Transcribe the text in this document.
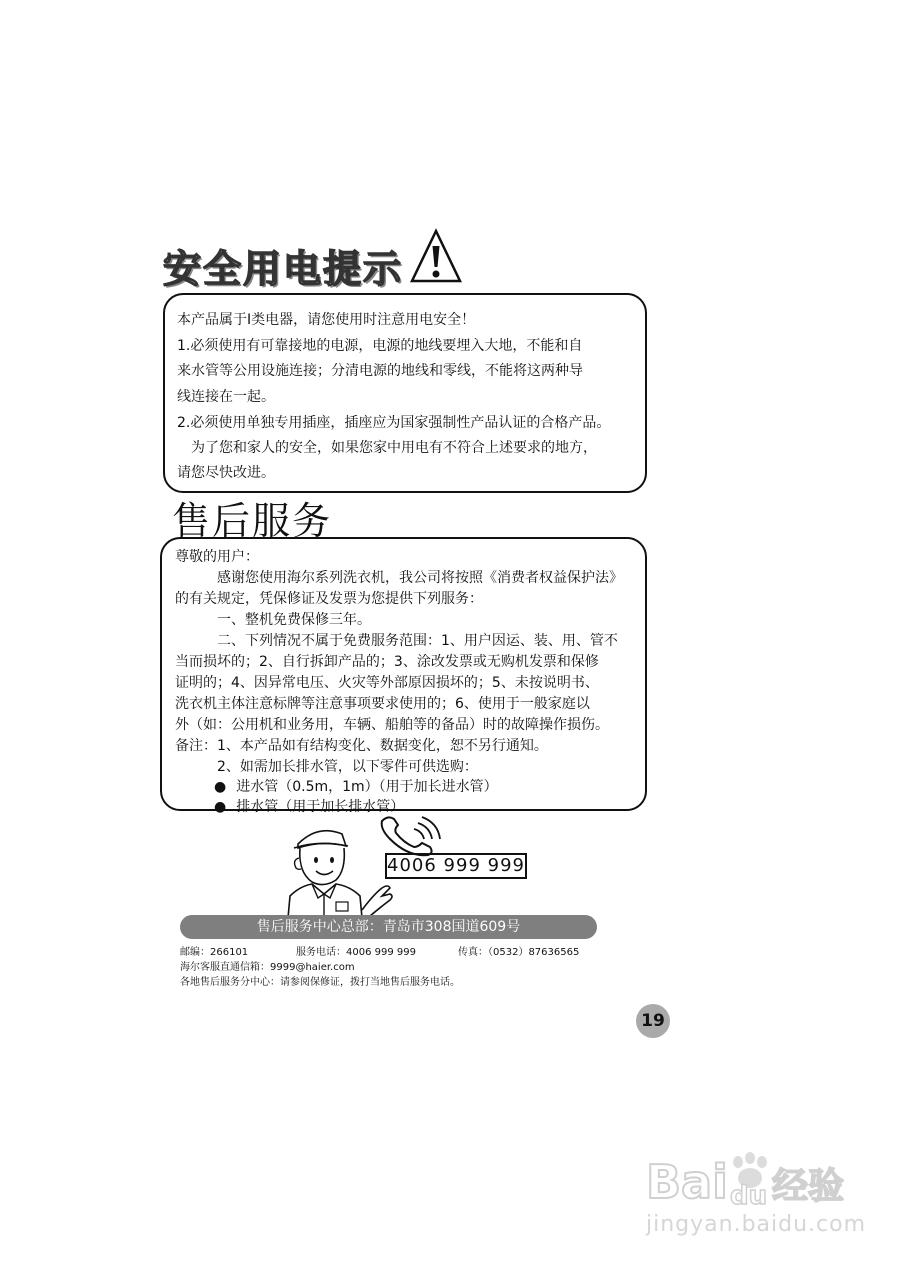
安全用电提示
本产品属于I类电器，请您使用时注意用电安全！
1.必须使用有可靠接地的电源，电源的地线要埋入大地，不能和自
来水管等公用设施连接；分清电源的地线和零线，不能将这两种导
线连接在一起。
2.必须使用单独专用插座，插座应为国家强制性产品认证的合格产品。
　为了您和家人的安全，如果您家中用电有不符合上述要求的地方，
请您尽快改进。
售后服务
尊敬的用户：
　　　感谢您使用海尔系列洗衣机，我公司将按照《消费者权益保护法》
的有关规定，凭保修证及发票为您提供下列服务：
　　　一、整机免费保修三年。
　　　二、下列情况不属于免费服务范围：1、用户因运、装、用、管不
当而损坏的；2、自行拆卸产品的；3、涂改发票或无购机发票和保修
证明的；4、因异常电压、火灾等外部原因损坏的；5、未按说明书、
洗衣机主体注意标牌等注意事项要求使用的；6、使用于一般家庭以
外（如：公用机和业务用，车辆、船舶等的备品）时的故障操作损伤。
备注：1、本产品如有结构变化、数据变化，恕不另行通知。
　　　2、如需加长排水管，以下零件可供选购：
● 进水管（0.5m，1m）（用于加长进水管）
● 排水管（用于加长排水管）
4006 999 999
售后服务中心总部：青岛市308国道609号
邮编：266101	服务电话：4006 999 999	传真：（0532）87636565
海尔客服直通信箱：9999@haier.com
各地售后服务分中心：请参阅保修证，拨打当地售后服务电话。
19
Bai du 经验
jingyan.baidu.com
